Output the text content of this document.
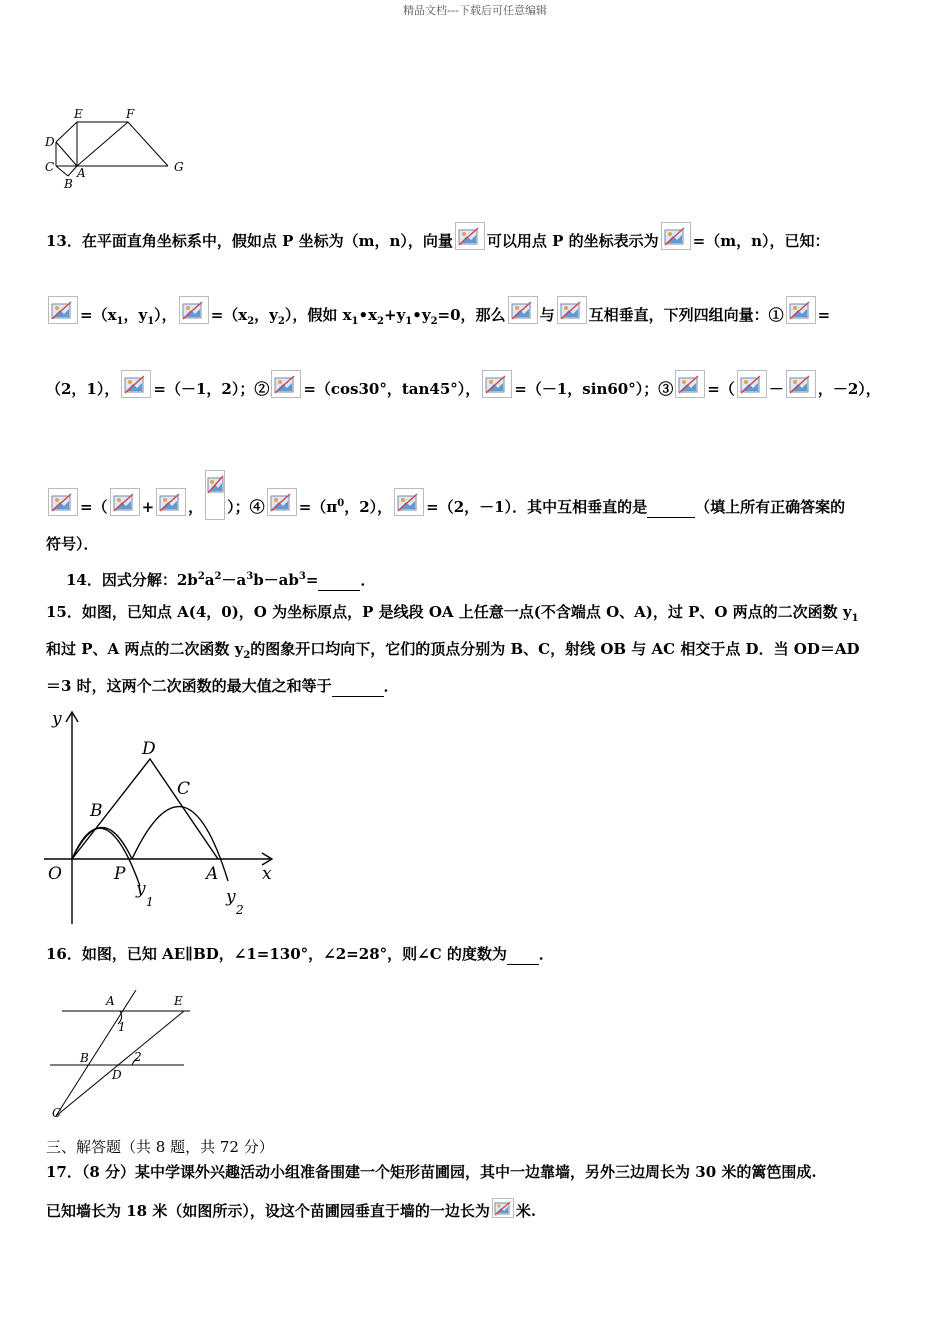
精品文档---下载后可任意编辑
E	F
D
C
B
A	G
13．在平面直角坐标系中，假如点 P 坐标为（m，n），向量 可以用点 P 的坐标表示为 =（m，n），已知：
$=(x_1$，$y_1$）， $=(x_2$，$y_2$），假如 $x_1•x_2+y_1•y_2=0$，那么 与 互相垂直，下列四组向量：① =
（2，1）， =（－1，2）；② =（cos30°，tan45°）， =（－1，sin60°）；③ =（ － ，－2），
=（ + ， ）；④ $=(\pi^0$，2）， =（2，－1）．其中互相垂直的是	（填上所有正确答案的
符号）．
14．因式分解：$2b^2a^2-a^3b-ab^3=$	．
15．如图，已知点 A(4，0)，O 为坐标原点，P 是线段 OA 上任意一点(不含端点 O、A)，过 P、O 两点的二次函数 $y_1$
和过 P、A 两点的二次函数 $y_2$的图象开口均向下，它们的顶点分别为 B、C，射线 OB 与 AC 相交于点 D．当 OD＝AD
＝3 时，这两个二次函数的最大值之和等于	．
y
D
C
B
O	P	A	x
y
1	y
2
16．如图，已知 AE∥BD，∠1=130°，∠2=28°，则∠C 的度数为 ．
A	E
1
B	2
D
C
三、解答题（共 8 题，共 72 分）
17．（8 分）某中学课外兴趣活动小组准备围建一个矩形苗圃园，其中一边靠墙，另外三边周长为 30 米的篱笆围成.
已知墙长为 18 米（如图所示），设这个苗圃园垂直于墙的一边长为 米.
